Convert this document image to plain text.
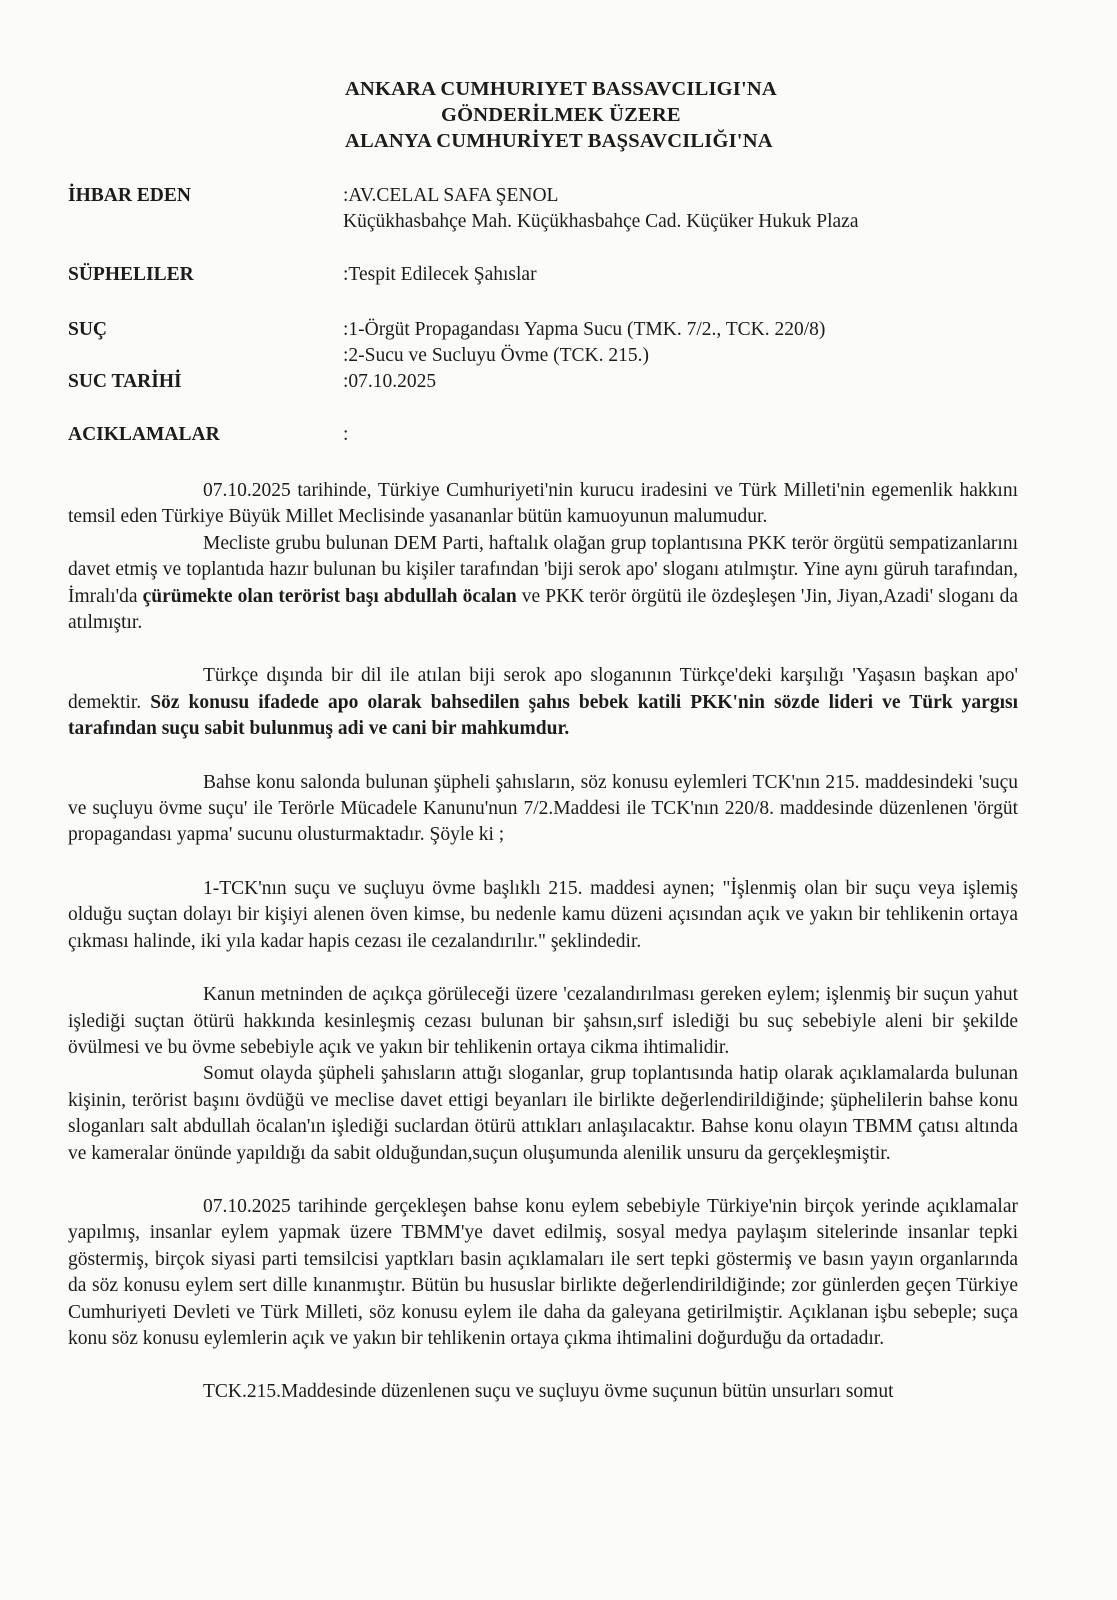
ANKARA CUMHURIYET BASSAVCILIGI'NA
GÖNDERİLMEK ÜZERE
ALANYA CUMHURİYET BAŞSAVCILIĞI'NA
İHBAR EDEN	:AV.CELAL SAFA ŞENOL
Küçükhasbahçe Mah. Küçükhasbahçe Cad. Küçüker Hukuk Plaza
SÜPHELILER	:Tespit Edilecek Şahıslar
SUÇ	:1-Örgüt Propagandası Yapma Sucu (TMK. 7/2., TCK. 220/8)
:2-Sucu ve Sucluyu Övme (TCK. 215.)
SUC TARİHİ	:07.10.2025
ACIKLAMALAR	:

07.10.2025 tarihinde, Türkiye Cumhuriyeti'nin kurucu iradesini ve Türk Milleti'nin egemenlik hakkını temsil eden Türkiye Büyük Millet Meclisinde yasananlar bütün kamuoyunun malumudur.

Mecliste grubu bulunan DEM Parti, haftalık olağan grup toplantısına PKK terör örgütü sempatizanlarını davet etmiş ve toplantıda hazır bulunan bu kişiler tarafından 'biji serok apo' sloganı atılmıştır. Yine aynı güruh tarafından, İmralı'da çürümekte olan terörist başı abdullah öcalan ve PKK terör örgütü ile özdeşleşen 'Jin, Jiyan,Azadi' sloganı da atılmıştır.

Türkçe dışında bir dil ile atılan biji serok apo sloganının Türkçe'deki karşılığı 'Yaşasın başkan apo' demektir. Söz konusu ifadede apo olarak bahsedilen şahıs bebek katili PKK'nin sözde lideri ve Türk yargısı tarafından suçu sabit bulunmuş adi ve cani bir mahkumdur.

Bahse konu salonda bulunan şüpheli şahısların, söz konusu eylemleri TCK'nın 215. maddesindeki 'suçu ve suçluyu övme suçu' ile Terörle Mücadele Kanunu'nun 7/2.Maddesi ile TCK'nın 220/8. maddesinde düzenlenen 'örgüt propagandası yapma' sucunu olusturmaktadır. Şöyle ki ;

1-TCK'nın suçu ve suçluyu övme başlıklı 215. maddesi aynen; "İşlenmiş olan bir suçu veya işlemiş olduğu suçtan dolayı bir kişiyi alenen öven kimse, bu nedenle kamu düzeni açısından açık ve yakın bir tehlikenin ortaya çıkması halinde, iki yıla kadar hapis cezası ile cezalandırılır." şeklindedir.

Kanun metninden de açıkça görüleceği üzere 'cezalandırılması gereken eylem; işlenmiş bir suçun yahut işlediği suçtan ötürü hakkında kesinleşmiş cezası bulunan bir şahsın,sırf islediği bu suç sebebiyle aleni bir şekilde övülmesi ve bu övme sebebiyle açık ve yakın bir tehlikenin ortaya cikma ihtimalidir.

Somut olayda şüpheli şahısların attığı sloganlar, grup toplantısında hatip olarak açıklamalarda bulunan kişinin, terörist başını övdüğü ve meclise davet ettigi beyanları ile birlikte değerlendirildiğinde; şüphelilerin bahse konu sloganları salt abdullah öcalan'ın işlediği suclardan ötürü attıkları anlaşılacaktır. Bahse konu olayın TBMM çatısı altında ve kameralar önünde yapıldığı da sabit olduğundan,suçun oluşumunda alenilik unsuru da gerçekleşmiştir.

07.10.2025 tarihinde gerçekleşen bahse konu eylem sebebiyle Türkiye'nin birçok yerinde açıklamalar yapılmış, insanlar eylem yapmak üzere TBMM'ye davet edilmiş, sosyal medya paylaşım sitelerinde insanlar tepki göstermiş, birçok siyasi parti temsilcisi yaptkları basin açıklamaları ile sert tepki göstermiş ve basın yayın organlarında da söz konusu eylem sert dille kınanmıştır. Bütün bu hususlar birlikte değerlendirildiğinde; zor günlerden geçen Türkiye Cumhuriyeti Devleti ve Türk Milleti, söz konusu eylem ile daha da galeyana getirilmiştir. Açıklanan işbu sebeple; suça konu söz konusu eylemlerin açık ve yakın bir tehlikenin ortaya çıkma ihtimalini doğurduğu da ortadadır.

TCK.215.Maddesinde düzenlenen suçu ve suçluyu övme suçunun bütün unsurları somut
